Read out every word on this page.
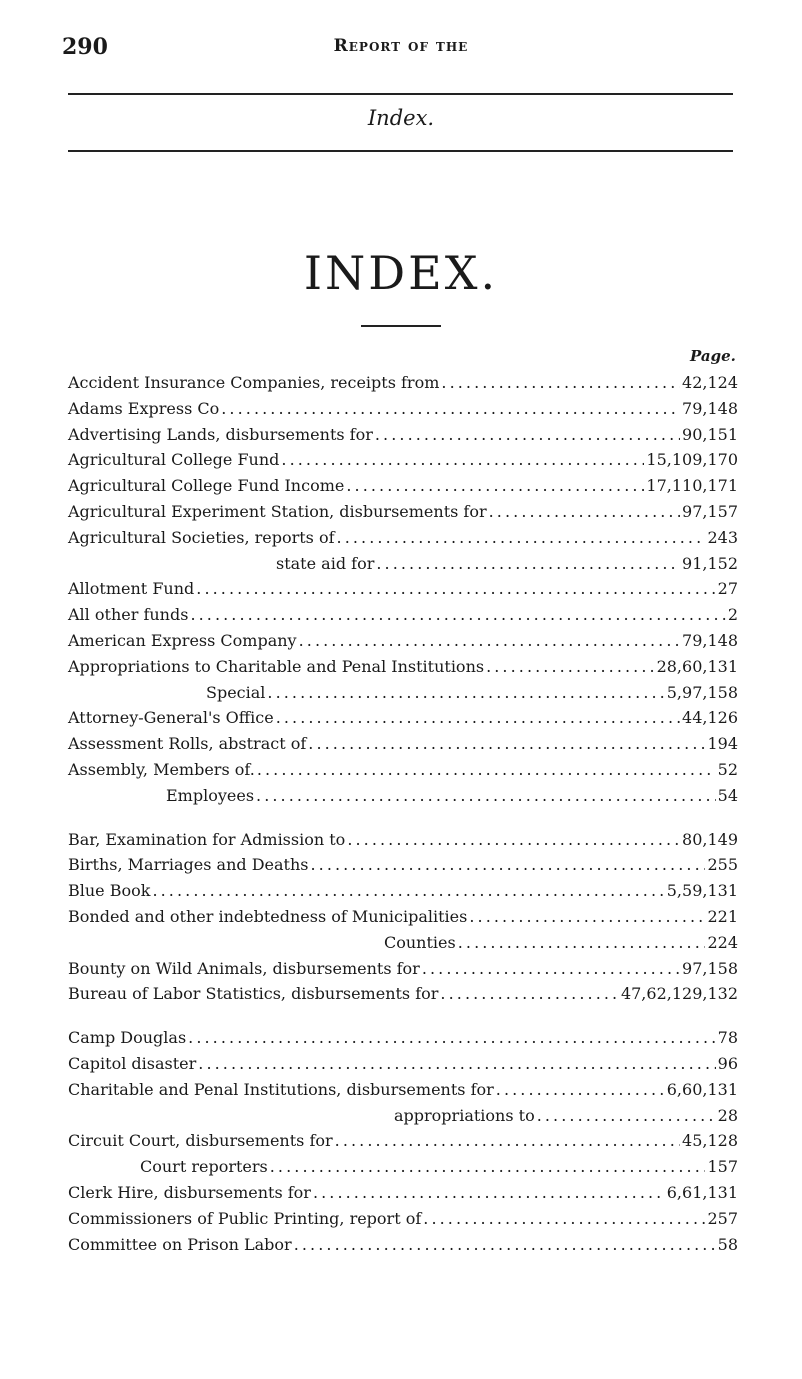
290	Report of the
Index.
INDEX.
Page.
Accident Insurance Companies, receipts from . . .	42,124
Adams Express Co . . .	79,148
Advertising Lands, disbursements for . . .	90,151
Agricultural College Fund . . .	15,109,170
Agricultural College Fund Income . . .	17,110,171
Agricultural Experiment Station, disbursements for . . .	97,157
Agricultural Societies, reports of . . .	243
state aid for . . .	91,152
Allotment Fund . . .	27
All other funds . . .	2
American Express Company . . .	79,148
Appropriations to Charitable and Penal Institutions . . .	28,60,131
Special . . .	5,97,158
Attorney-General's Office . . .	44,126
Assessment Rolls, abstract of . . .	194
Assembly, Members of. . . .	52
Employees . . .	54
Bar, Examination for Admission to . . .	80,149
Births, Marriages and Deaths . . .	255
Blue Book . . .	5,59,131
Bonded and other indebtedness of Municipalities . . .	221
Counties . . .	224
Bounty on Wild Animals, disbursements for . . .	97,158
Bureau of Labor Statistics, disbursements for . . .	47,62,129,132
Camp Douglas . . .	78
Capitol disaster . . .	96
Charitable and Penal Institutions, disbursements for . . .	6,60,131
appropriations to . . .	28
Circuit Court, disbursements for . . .	45,128
Court reporters . . .	157
Clerk Hire, disbursements for . . .	6,61,131
Commissioners of Public Printing, report of . . .	257
Committee on Prison Labor . . .	58
